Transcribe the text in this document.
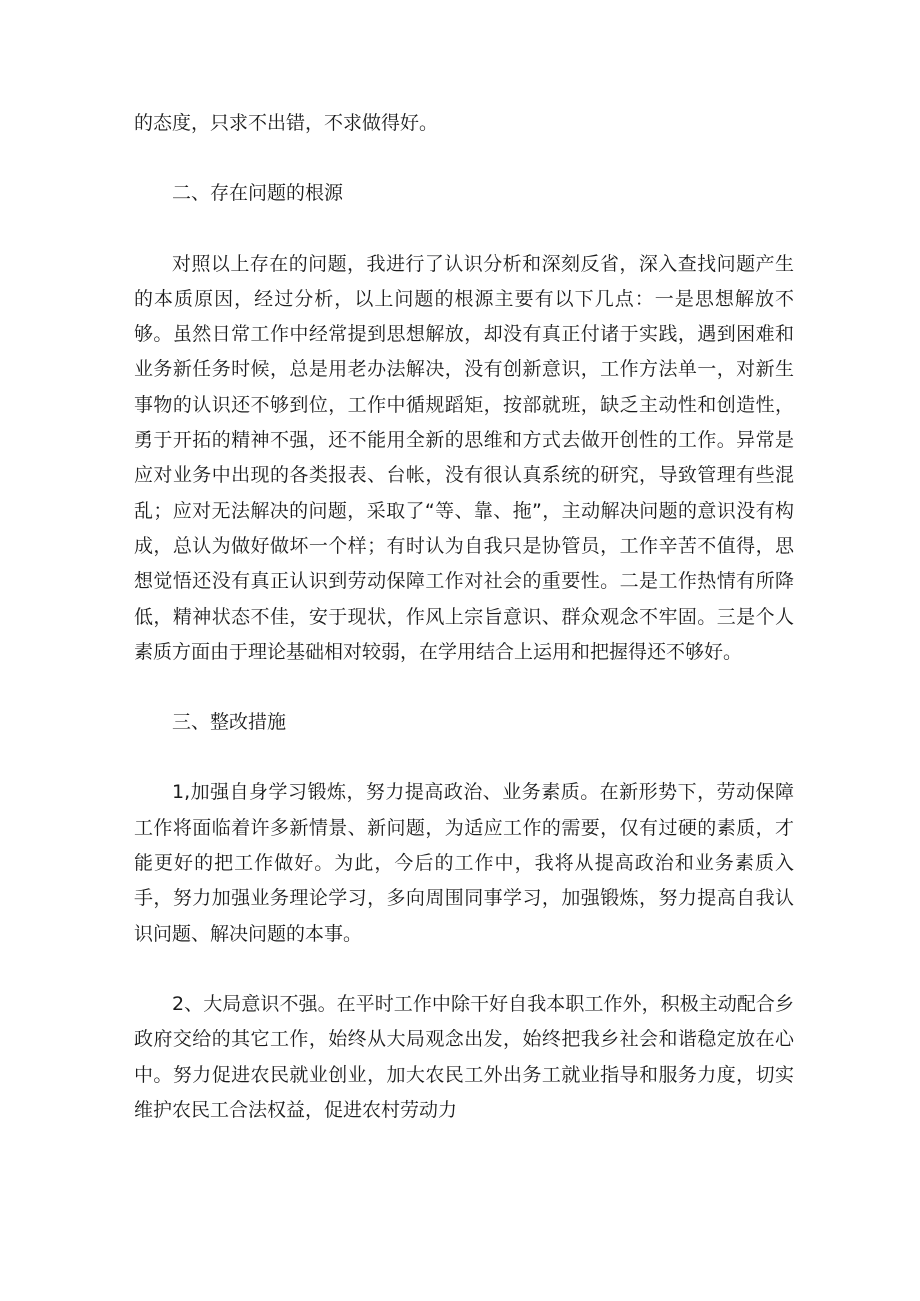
的态度，只求不出错，不求做得好。

二、存在问题的根源

对照以上存在的问题，我进行了认识分析和深刻反省，深入查找问题产生的本质原因，经过分析，以上问题的根源主要有以下几点：一是思想解放不够。虽然日常工作中经常提到思想解放，却没有真正付诸于实践，遇到困难和业务新任务时候，总是用老办法解决，没有创新意识，工作方法单一，对新生事物的认识还不够到位，工作中循规蹈矩，按部就班，缺乏主动性和创造性，勇于开拓的精神不强，还不能用全新的思维和方式去做开创性的工作。异常是应对业务中出现的各类报表、台帐，没有很认真系统的研究，导致管理有些混乱；应对无法解决的问题，采取了“等、靠、拖”，主动解决问题的意识没有构成，总认为做好做坏一个样；有时认为自我只是协管员，工作辛苦不值得，思想觉悟还没有真正认识到劳动保障工作对社会的重要性。二是工作热情有所降低，精神状态不佳，安于现状，作风上宗旨意识、群众观念不牢固。三是个人素质方面由于理论基础相对较弱，在学用结合上运用和把握得还不够好。

三、整改措施

1,加强自身学习锻炼，努力提高政治、业务素质。在新形势下，劳动保障工作将面临着许多新情景、新问题，为适应工作的需要，仅有过硬的素质，才能更好的把工作做好。为此，今后的工作中，我将从提高政治和业务素质入手，努力加强业务理论学习，多向周围同事学习，加强锻炼，努力提高自我认识问题、解决问题的本事。

2、大局意识不强。在平时工作中除干好自我本职工作外，积极主动配合乡政府交给的其它工作，始终从大局观念出发，始终把我乡社会和谐稳定放在心中。努力促进农民就业创业，加大农民工外出务工就业指导和服务力度，切实维护农民工合法权益，促进农村劳动力
